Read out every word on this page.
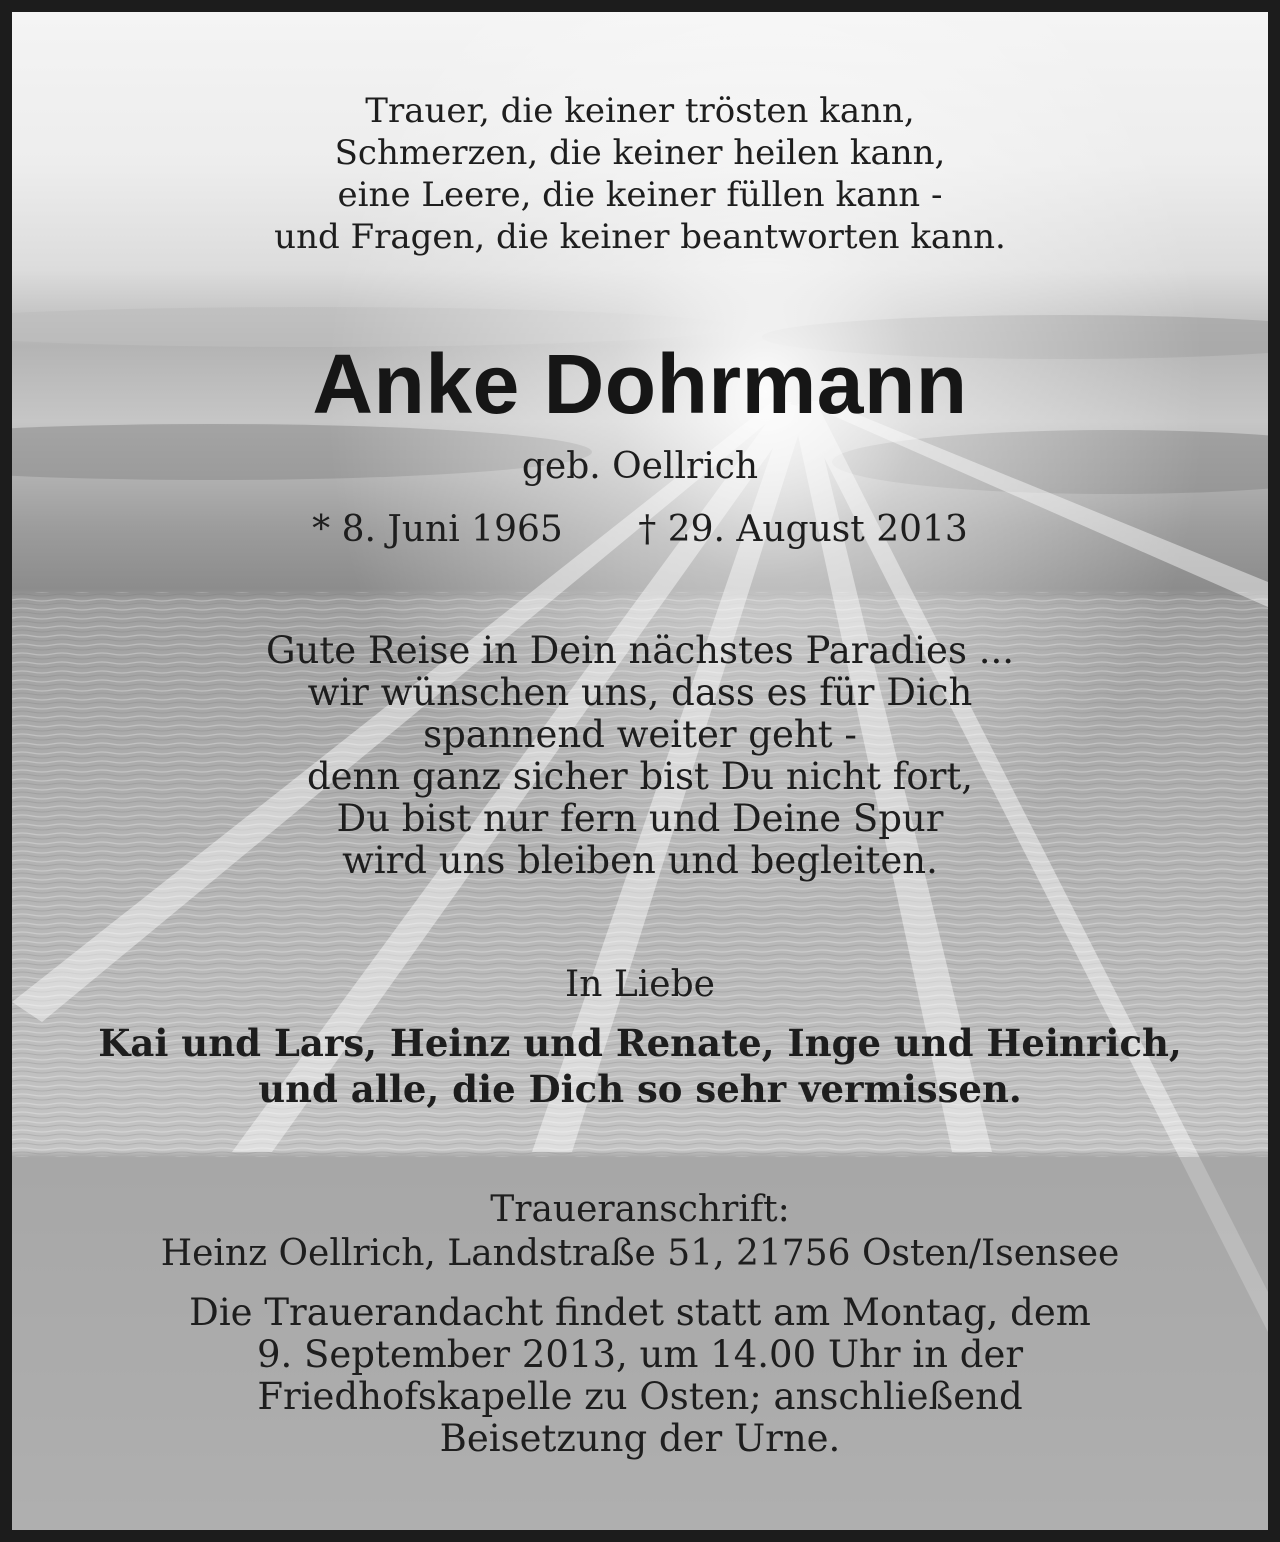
Trauer, die keiner trösten kann,
Schmerzen, die keiner heilen kann,
eine Leere, die keiner füllen kann -
und Fragen, die keiner beantworten kann.
Anke Dohrmann
geb. Oellrich
* 8. Juni 1965 † 29. August 2013
Gute Reise in Dein nächstes Paradies ...
wir wünschen uns, dass es für Dich
spannend weiter geht -
denn ganz sicher bist Du nicht fort,
Du bist nur fern und Deine Spur
wird uns bleiben und begleiten.
In Liebe
Kai und Lars, Heinz und Renate, Inge und Heinrich,
und alle, die Dich so sehr vermissen.
Traueranschrift:
Heinz Oellrich, Landstraße 51, 21756 Osten/Isensee
Die Trauerandacht findet statt am Montag, dem
9. September 2013, um 14.00 Uhr in der
Friedhofskapelle zu Osten; anschließend
Beisetzung der Urne.
